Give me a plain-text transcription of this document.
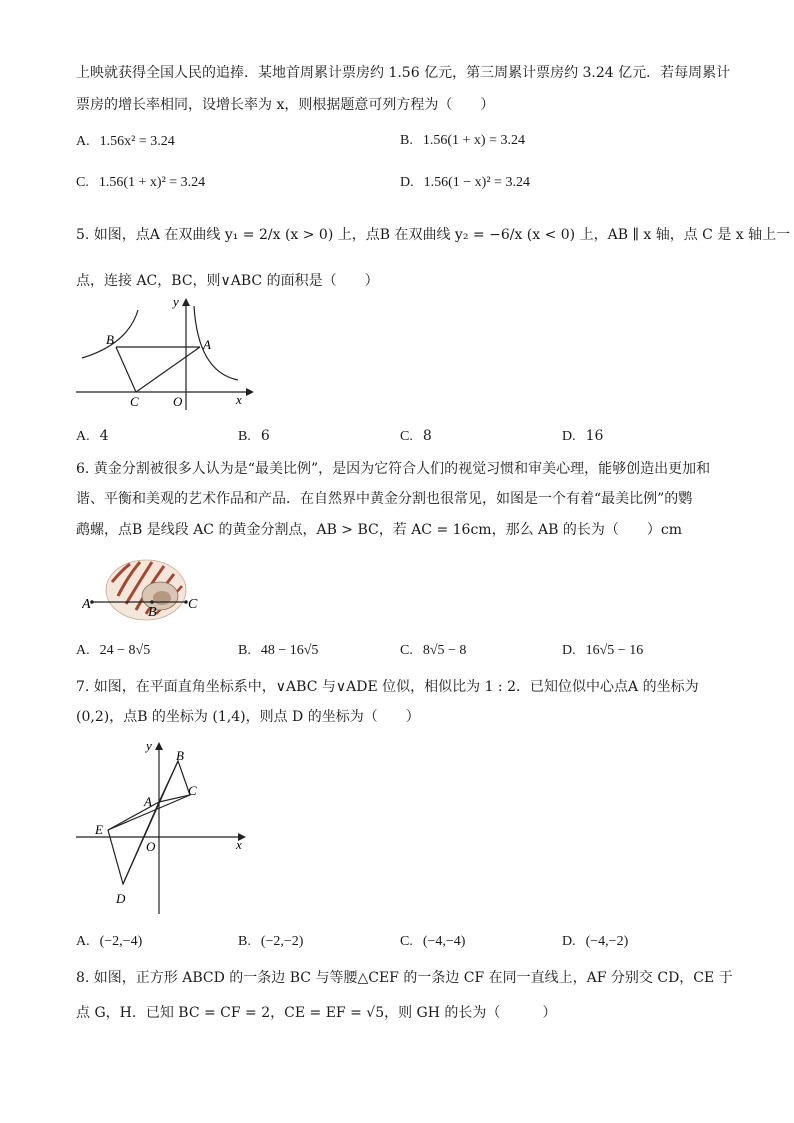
上映就获得全国人民的追捧．某地首周累计票房约 1.56 亿元，第三周累计票房约 3.24 亿元．若每周累计
票房的增长率相同，设增长率为 x，则根据题意可列方程为（　　）
A. 1.56x² = 3.24	B. 1.56(1 + x) = 3.24
C. 1.56(1 + x)² = 3.24	D. 1.56(1 − x)² = 3.24
5. 如图，点A 在双曲线 y₁ = 2/x (x > 0) 上，点B 在双曲线 y₂ = −6/x (x < 0) 上，AB ∥ x 轴，点 C 是 x 轴上一
点，连接 AC，BC，则∨ABC 的面积是（　　）
B	A
C	O	x
y
A. 4	B. 6	C. 8	D. 16
6. 黄金分割被很多人认为是“最美比例”，是因为它符合人们的视觉习惯和审美心理，能够创造出更加和
谐、平衡和美观的艺术作品和产品．在自然界中黄金分割也很常见，如图是一个有着“最美比例”的鹦
鹉螺，点B 是线段 AC 的黄金分割点，AB > BC，若 AC = 16cm，那么 AB 的长为（　　）cm
A
B
C
A. 24 − 8√5	B. 48 − 16√5	C. 8√5 − 8	D. 16√5 − 16
7. 如图，在平面直角坐标系中，∨ABC 与∨ADE 位似，相似比为 1 : 2．已知位似中心点A 的坐标为
(0,2)，点B 的坐标为 (1,4)，则点 D 的坐标为（　　）
y
B
C
A
E
O	x
D
A. (−2,−4)	B. (−2,−2)	C. (−4,−4)	D. (−4,−2)
8. 如图，正方形 ABCD 的一条边 BC 与等腰△CEF 的一条边 CF 在同一直线上，AF 分别交 CD，CE 于
点 G，H．已知 BC = CF = 2，CE = EF = √5，则 GH 的长为（　　　）
